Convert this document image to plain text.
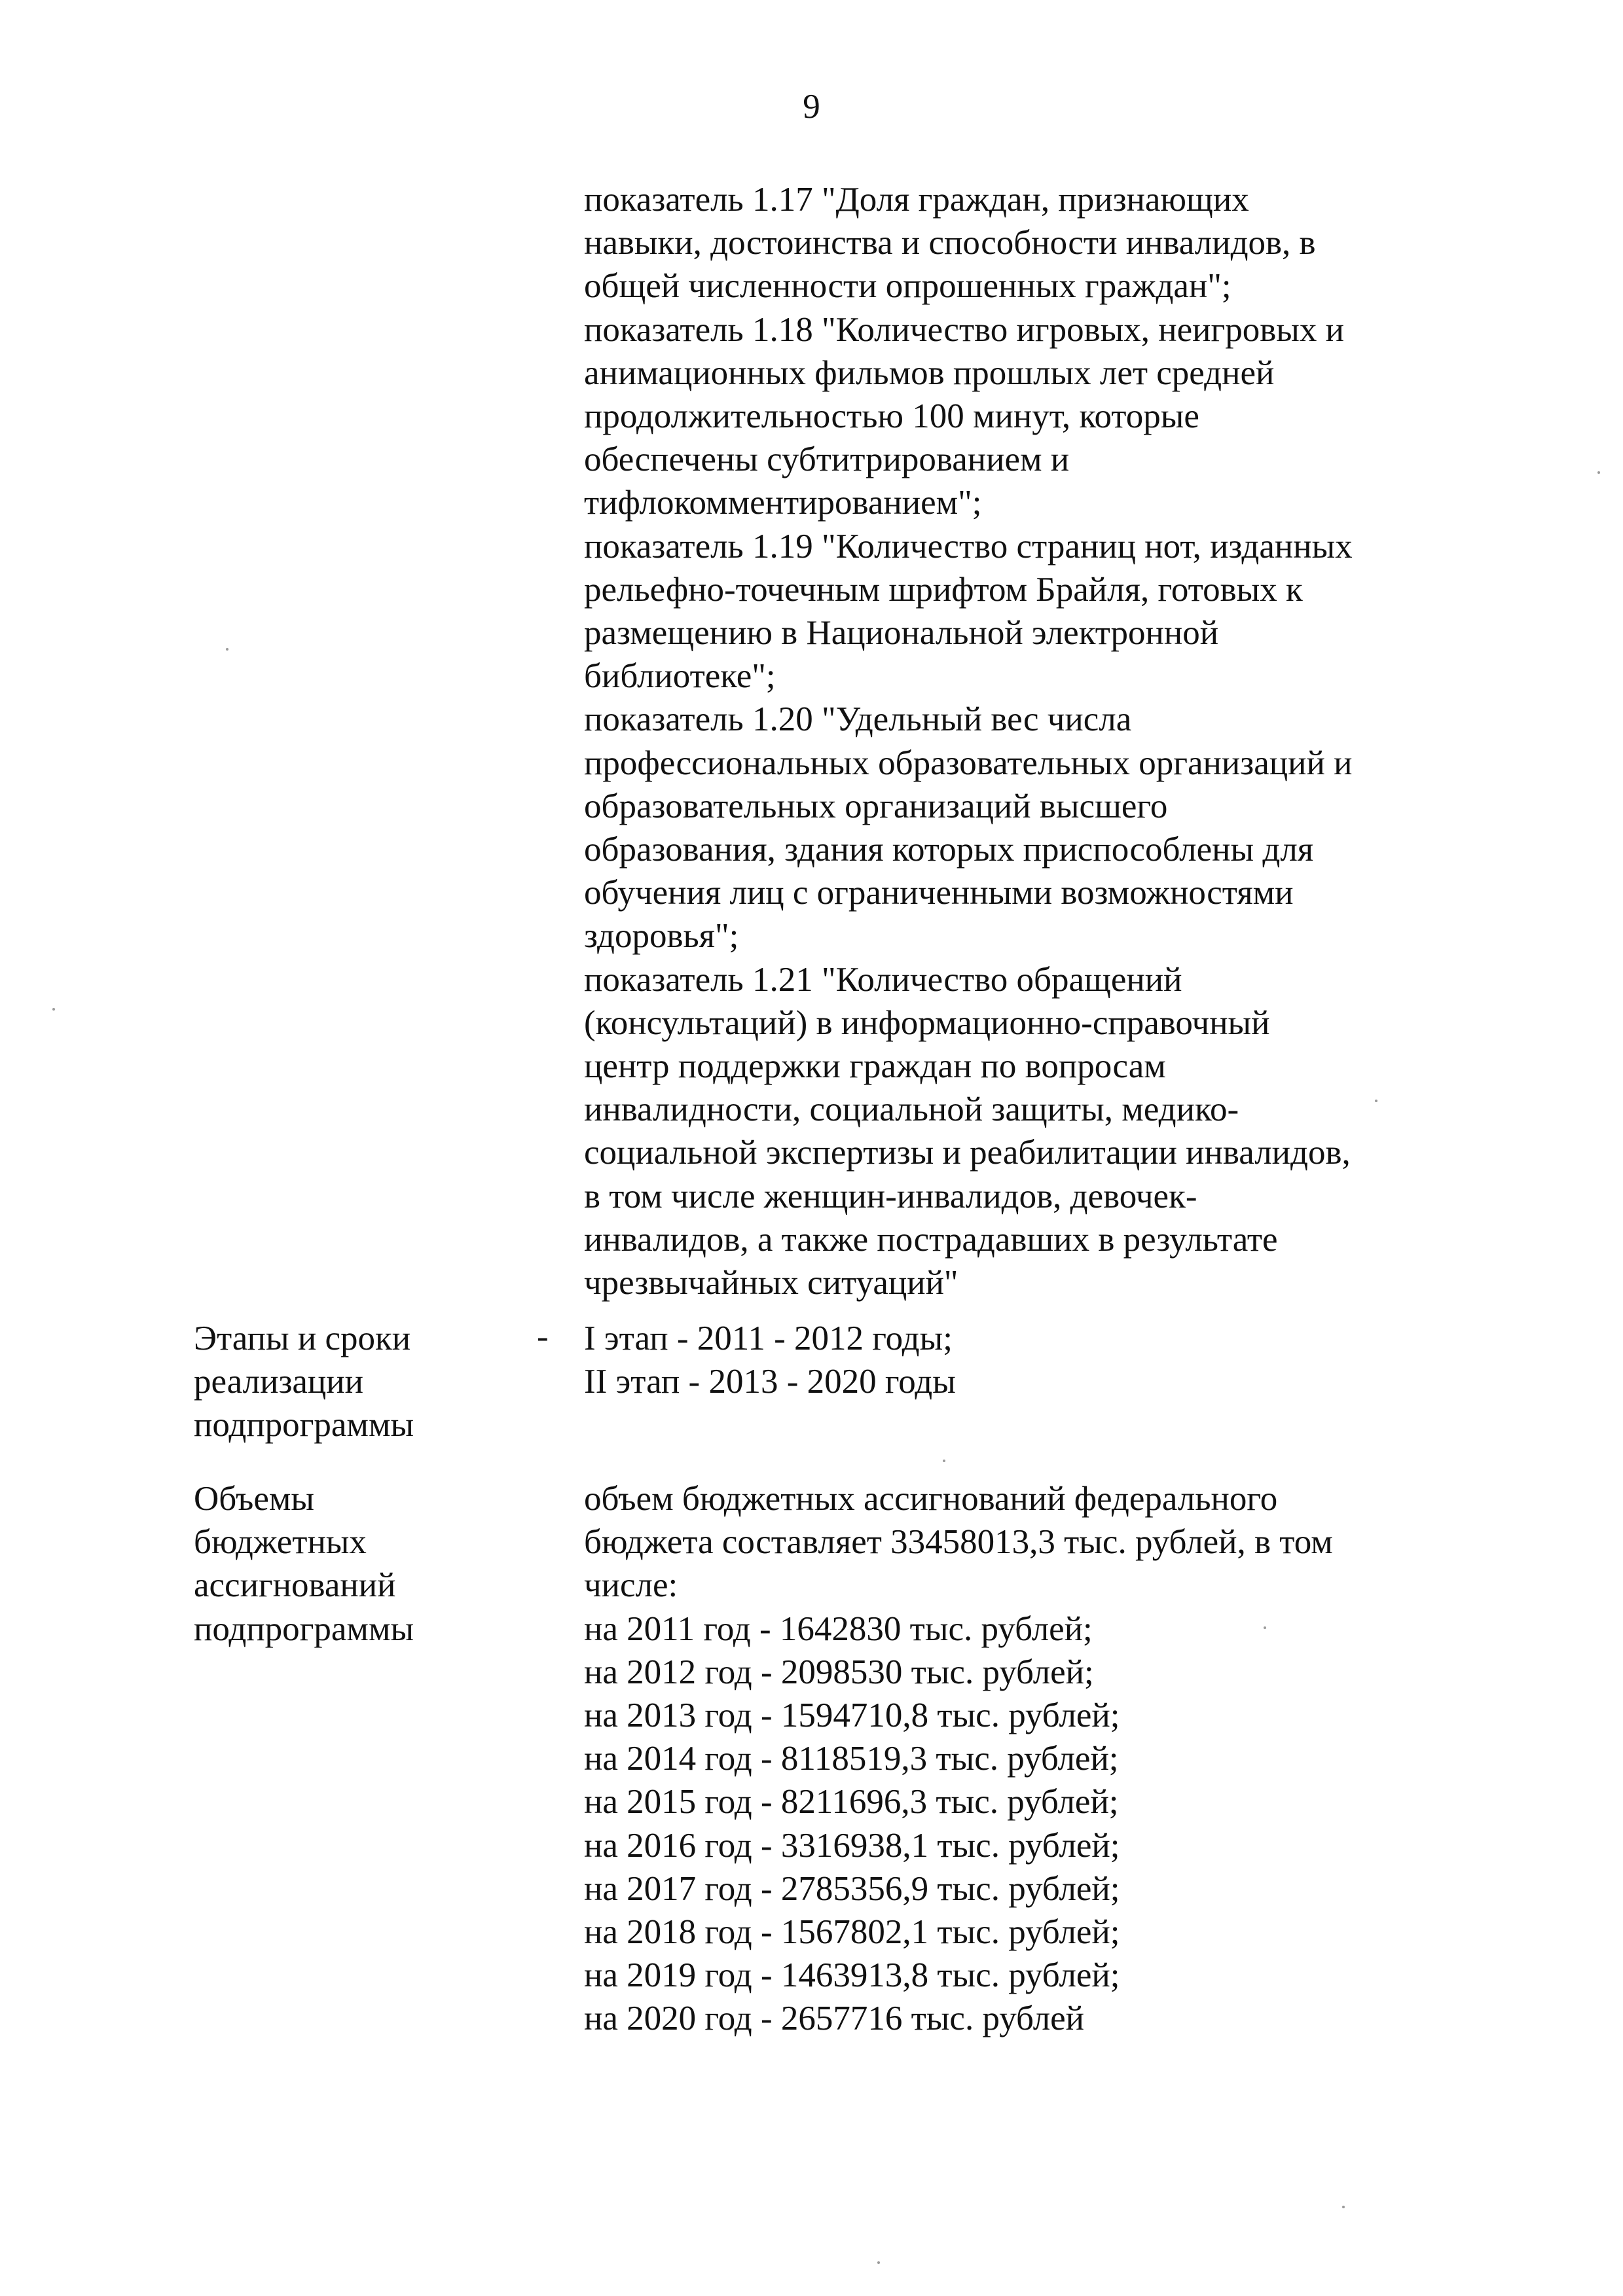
9
показатель 1.17 "Доля граждан, признающих
навыки, достоинства и способности инвалидов, в
общей численности опрошенных граждан";
показатель 1.18 "Количество игровых, неигровых и
анимационных фильмов прошлых лет средней
продолжительностью 100 минут, которые
обеспечены субтитрированием и
тифлокомментированием";
показатель 1.19 "Количество страниц нот, изданных
рельефно-точечным шрифтом Брайля, готовых к
размещению в Национальной электронной
библиотеке";
показатель 1.20 "Удельный вес числа
профессиональных образовательных организаций и
образовательных организаций высшего
образования, здания которых приспособлены для
обучения лиц с ограниченными возможностями
здоровья";
показатель 1.21 "Количество обращений
(консультаций) в информационно-справочный
центр поддержки граждан по вопросам
инвалидности, социальной защиты, медико-
социальной экспертизы и реабилитации инвалидов,
в том числе женщин-инвалидов, девочек-
инвалидов, а также пострадавших в результате
чрезвычайных ситуаций"
Этапы и сроки
реализации
подпрограммы
- I этап - 2011 - 2012 годы;
II этап - 2013 - 2020 годы
Объемы
бюджетных
ассигнований
подпрограммы
объем бюджетных ассигнований федерального
бюджета составляет 33458013,3 тыс. рублей, в том
числе:
на 2011 год - 1642830 тыс. рублей;
на 2012 год - 2098530 тыс. рублей;
на 2013 год - 1594710,8 тыс. рублей;
на 2014 год - 8118519,3 тыс. рублей;
на 2015 год - 8211696,3 тыс. рублей;
на 2016 год - 3316938,1 тыс. рублей;
на 2017 год - 2785356,9 тыс. рублей;
на 2018 год - 1567802,1 тыс. рублей;
на 2019 год - 1463913,8 тыс. рублей;
на 2020 год - 2657716 тыс. рублей
